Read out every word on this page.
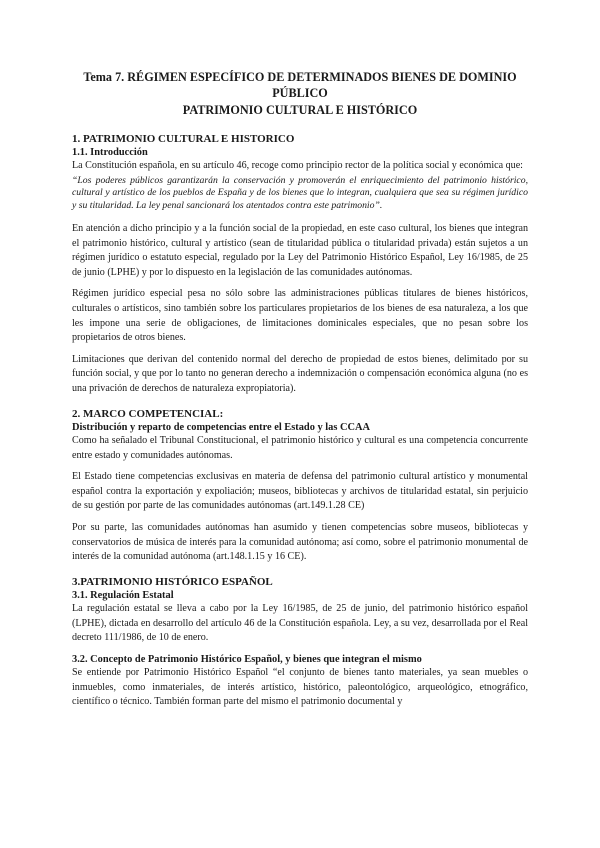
Tema 7. RÉGIMEN ESPECÍFICO DE DETERMINADOS BIENES DE DOMINIO PÚBLICO
PATRIMONIO CULTURAL E HISTÓRICO
1. PATRIMONIO CULTURAL E HISTORICO
1.1. Introducción

La Constitución española, en su artículo 46, recoge como principio rector de la política social y económica que:

“Los poderes públicos garantizarán la conservación y promoverán el enriquecimiento del patrimonio histórico, cultural y artístico de los pueblos de España y de los bienes que lo integran, cualquiera que sea su régimen jurídico y su titularidad. La ley penal sancionará los atentados contra este patrimonio”.

En atención a dicho principio y a la función social de la propiedad, en este caso cultural, los bienes que integran el patrimonio histórico, cultural y artístico (sean de titularidad pública o titularidad privada) están sujetos a un régimen jurídico o estatuto especial, regulado por la Ley del Patrimonio Histórico Español, Ley 16/1985, de 25 de junio (LPHE) y por lo dispuesto en la legislación de las comunidades autónomas.

Régimen jurídico especial pesa no sólo sobre las administraciones públicas titulares de bienes históricos, culturales o artísticos, sino también sobre los particulares propietarios de los bienes de esa naturaleza, a los que les impone una serie de obligaciones, de limitaciones dominicales especiales, que no pesan sobre los propietarios de otros bienes.

Limitaciones que derivan del contenido normal del derecho de propiedad de estos bienes, delimitado por su función social, y que por lo tanto no generan derecho a indemnización o compensación económica alguna (no es una privación de derechos de naturaleza expropiatoria).

2. MARCO COMPETENCIAL:
Distribución y reparto de competencias entre el Estado y las CCAA

Como ha señalado el Tribunal Constitucional, el patrimonio histórico y cultural es una competencia concurrente entre estado y comunidades autónomas.

El Estado tiene competencias exclusivas en materia de defensa del patrimonio cultural artístico y monumental español contra la exportación y expoliación; museos, bibliotecas y archivos de titularidad estatal, sin perjuicio de su gestión por parte de las comunidades autónomas (art.149.1.28 CE)

Por su parte, las comunidades autónomas han asumido y tienen competencias sobre museos, bibliotecas y conservatorios de música de interés para la comunidad autónoma; así como, sobre el patrimonio monumental de interés de la comunidad autónoma (art.148.1.15 y 16 CE).

3.PATRIMONIO HISTÓRICO ESPAÑOL
3.1. Regulación Estatal

La regulación estatal se lleva a cabo por la Ley 16/1985, de 25 de junio, del patrimonio histórico español (LPHE), dictada en desarrollo del artículo 46 de la Constitución española. Ley, a su vez, desarrollada por el Real decreto 111/1986, de 10 de enero.

3.2. Concepto de Patrimonio Histórico Español, y bienes que integran el mismo

Se entiende por Patrimonio Histórico Español “el conjunto de bienes tanto materiales, ya sean muebles o inmuebles, como inmateriales, de interés artístico, histórico, paleontológico, arqueológico, etnográfico, científico o técnico. También forman parte del mismo el patrimonio documental y
